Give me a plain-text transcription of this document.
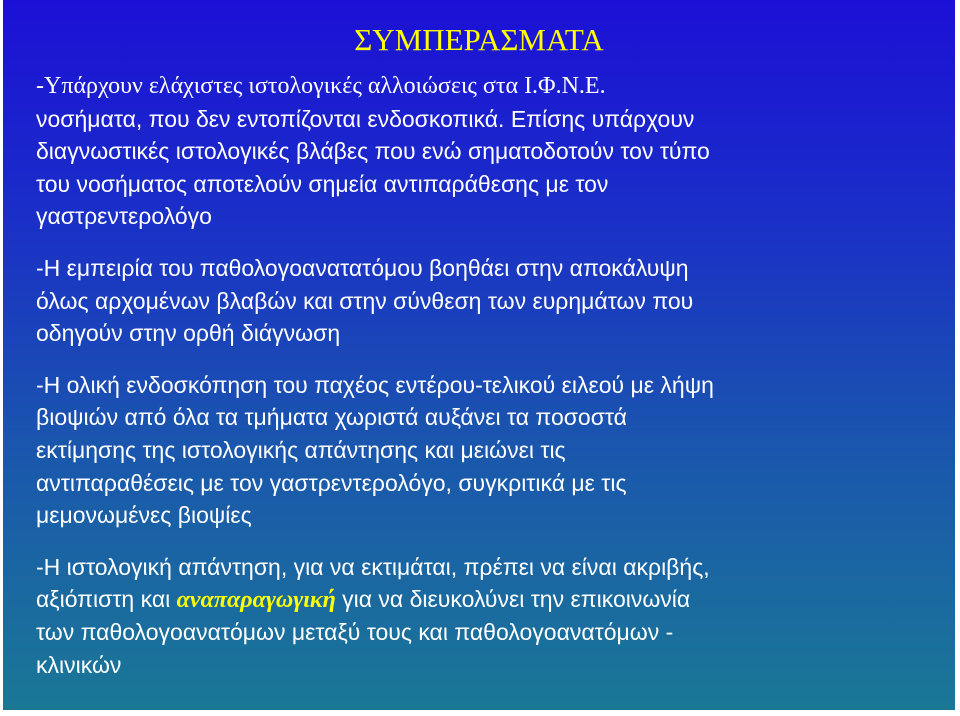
ΣΥΜΠΕΡΑΣΜΑΤΑ
-Υπάρχουν ελάχιστες ιστολογικές αλλοιώσεις στα Ι.Φ.Ν.Ε.
νοσήματα, που δεν εντοπίζονται ενδοσκοπικά. Επίσης υπάρχουν
διαγνωστικές ιστολογικές βλάβες που ενώ σηματοδοτούν τον τύπο
του νοσήματος αποτελούν σημεία αντιπαράθεσης με τον
γαστρεντερολόγο
-Η εμπειρία του παθολογοανατατόμου βοηθάει στην αποκάλυψη
όλως αρχομένων βλαβών και στην σύνθεση των ευρημάτων που
οδηγούν στην ορθή διάγνωση
-Η ολική ενδοσκόπηση του παχέος εντέρου-τελικού ειλεού με λήψη
βιοψιών από όλα τα τμήματα χωριστά αυξάνει τα ποσοστά
εκτίμησης της ιστολογικής απάντησης και μειώνει τις
αντιπαραθέσεις με τον γαστρεντερολόγο, συγκριτικά με τις
μεμονωμένες βιοψίες
-Η ιστολογική απάντηση, για να εκτιμάται, πρέπει να είναι ακριβής,
αξιόπιστη και αναπαραγωγική για να διευκολύνει την επικοινωνία
των παθολογοανατόμων μεταξύ τους και παθολογοανατόμων -
κλινικών
